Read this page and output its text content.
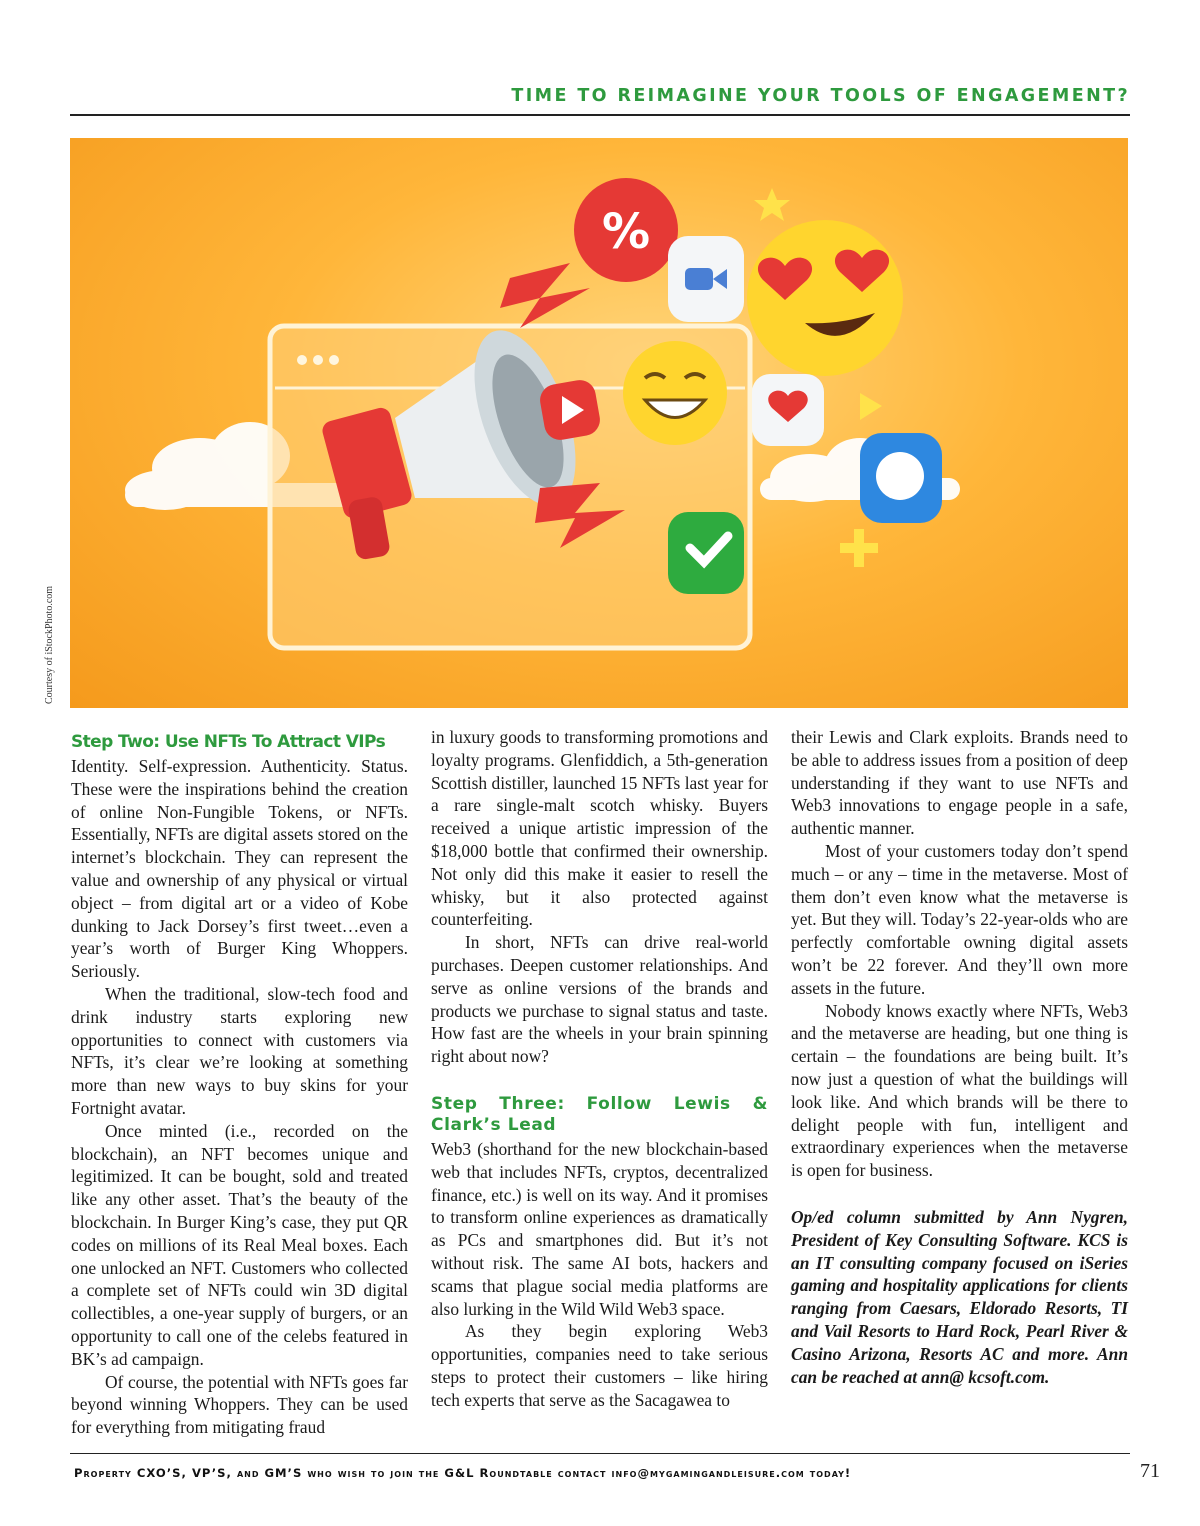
TIME TO REIMAGINE YOUR TOOLS OF ENGAGEMENT?
%
Courtesy of iStockPhoto.com
Step Two: Use NFTs To Attract VIPs

Identity. Self-expression. Authenticity. Status. These were the inspirations behind the creation of online Non-Fungible Tokens, or NFTs. Essentially, NFTs are digital assets stored on the internet’s blockchain. They can represent the value and ownership of any physical or virtual object – from digital art or a video of Kobe dunking to Jack Dorsey’s first tweet…even a year’s worth of Burger King Whoppers. Seriously.

When the traditional, slow-tech food and drink industry starts exploring new opportunities to connect with customers via NFTs, it’s clear we’re looking at something more than new ways to buy skins for your Fortnight avatar.

Once minted (i.e., recorded on the blockchain), an NFT becomes unique and legitimized. It can be bought, sold and treated like any other asset. That’s the beauty of the blockchain. In Burger King’s case, they put QR codes on millions of its Real Meal boxes. Each one unlocked an NFT. Customers who collected a complete set of NFTs could win 3D digital collectibles, a one-year supply of burgers, or an opportunity to call one of the celebs featured in BK’s ad campaign.

Of course, the potential with NFTs goes far beyond winning Whoppers. They can be used for everything from mitigating fraud

in luxury goods to transforming promotions and loyalty programs. Glenfiddich, a 5th-generation Scottish distiller, launched 15 NFTs last year for a rare single-malt scotch whisky. Buyers received a unique artistic impression of the $18,000 bottle that confirmed their ownership. Not only did this make it easier to resell the whisky, but it also protected against counterfeiting.

In short, NFTs can drive real-world purchases. Deepen customer relationships. And serve as online versions of the brands and products we purchase to signal status and taste. How fast are the wheels in your brain spinning right about now?

Step Three: Follow Lewis & Clark’s Lead

Web3 (shorthand for the new blockchain-based web that includes NFTs, cryptos, decentralized finance, etc.) is well on its way. And it promises to transform online experiences as dramatically as PCs and smartphones did. But it’s not without risk. The same AI bots, hackers and scams that plague social media platforms are also lurking in the Wild Wild Web3 space.

As they begin exploring Web3 opportunities, companies need to take serious steps to protect their customers – like hiring tech experts that serve as the Sacagawea to

their Lewis and Clark exploits. Brands need to be able to address issues from a position of deep understanding if they want to use NFTs and Web3 innovations to engage people in a safe, authentic manner.

Most of your customers today don’t spend much – or any – time in the metaverse. Most of them don’t even know what the metaverse is yet. But they will. Today’s 22-year-olds who are perfectly comfortable owning digital assets won’t be 22 forever. And they’ll own more assets in the future.

Nobody knows exactly where NFTs, Web3 and the metaverse are heading, but one thing is certain – the foundations are being built. It’s now just a question of what the buildings will look like. And which brands will be there to delight people with fun, intelligent and extraordinary experiences when the metaverse is open for business.

Op/ed column submitted by Ann Nygren, President of Key Consulting Software. KCS is an IT consulting company focused on iSeries gaming and hospitality applications for clients ranging from Caesars, Eldorado Resorts, TI and Vail Resorts to Hard Rock, Pearl River & Casino Arizona, Resorts AC and more. Ann can be reached at ann@ kcsoft.com.

Property CXO’S, VP’S, and GM’S who wish to join the G&L Roundtable contact info@mygamingandleisure.com today!	71
